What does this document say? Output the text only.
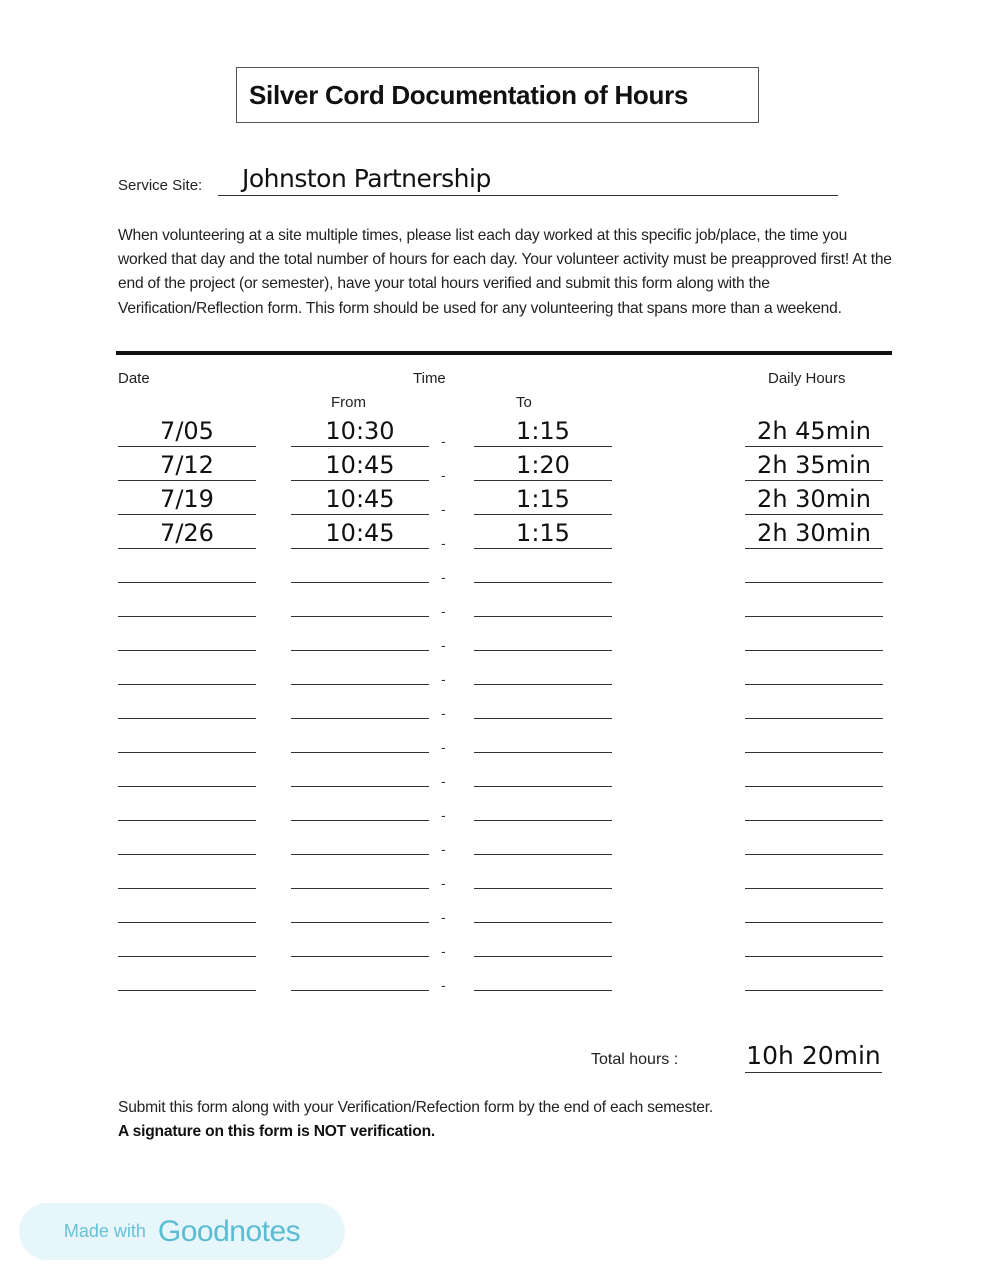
Silver Cord Documentation of Hours
Service Site: Johnston Partnership

When volunteering at a site multiple times, please list each day worked at this specific job/place, the time you worked that day and the total number of hours for each day. Your volunteer activity must be preapproved first! At the end of the project (or semester), have your total hours verified and submit this form along with the Verification/Reflection form. This form should be used for any volunteering that spans more than a weekend.

Date	Time
From	To
Daily Hours
7/05	10:30	1:15	2h 45min
-
7/12	10:45	1:20	2h 35min
-
7/19	10:45	1:15	2h 30min
-
7/26	10:45	1:15	2h 30min
-
-
-
-
-
-
-
-
-
-
-
-
-
-
Total hours :	10h 20min
Submit this form along with your Verification/Refection form by the end of each semester.
A signature on this form is NOT verification.
Made with Goodnotes
